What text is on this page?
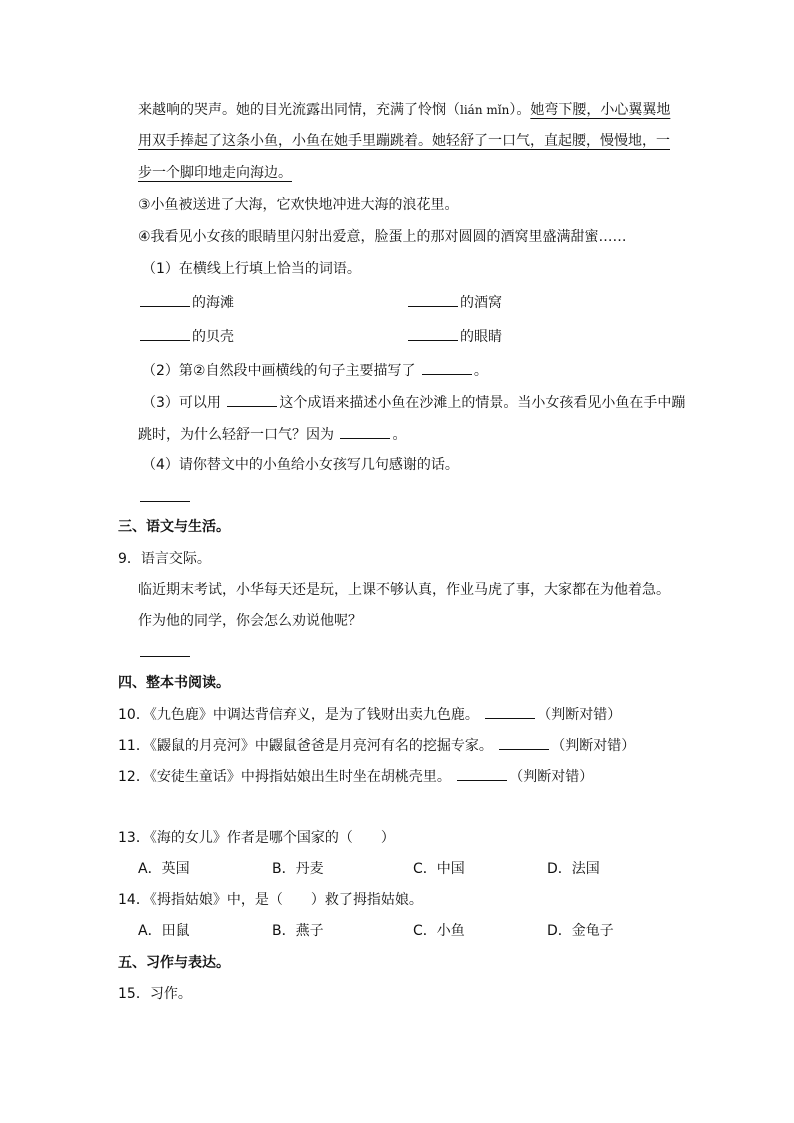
来越响的哭声。她的目光流露出同情，充满了怜悯（lián mǐn）。她弯下腰，小心翼翼地
用双手捧起了这条小鱼，小鱼在她手里蹦跳着。她轻舒了一口气，直起腰，慢慢地，一
步一个脚印地走向海边。
③小鱼被送进了大海，它欢快地冲进大海的浪花里。
④我看见小女孩的眼睛里闪射出爱意，脸蛋上的那对圆圆的酒窝里盛满甜蜜……
（1）在横线上行填上恰当的词语。
的海滩	的酒窝
的贝壳	的眼睛
（2）第②自然段中画横线的句子主要描写了	。
（3）可以用	这个成语来描述小鱼在沙滩上的情景。当小女孩看见小鱼在手中蹦
跳时，为什么轻舒一口气？因为	。
（4）请你替文中的小鱼给小女孩写几句感谢的话。
三、语文与生活。
9．语言交际。
临近期末考试，小华每天还是玩，上课不够认真，作业马虎了事，大家都在为他着急。
作为他的同学，你会怎么劝说他呢？
四、整本书阅读。
10．《九色鹿》中调达背信弃义，是为了钱财出卖九色鹿。	（判断对错）
11．《鼹鼠的月亮河》中鼹鼠爸爸是月亮河有名的挖掘专家。	（判断对错）
12．《安徒生童话》中拇指姑娘出生时坐在胡桃壳里。	（判断对错）
13．《海的女儿》作者是哪个国家的（　　）
A．英国	B．丹麦	C．中国	D．法国
14．《拇指姑娘》中，是（　　）救了拇指姑娘。
A．田鼠	B．燕子	C．小鱼	D．金龟子
五、习作与表达。
15．习作。
